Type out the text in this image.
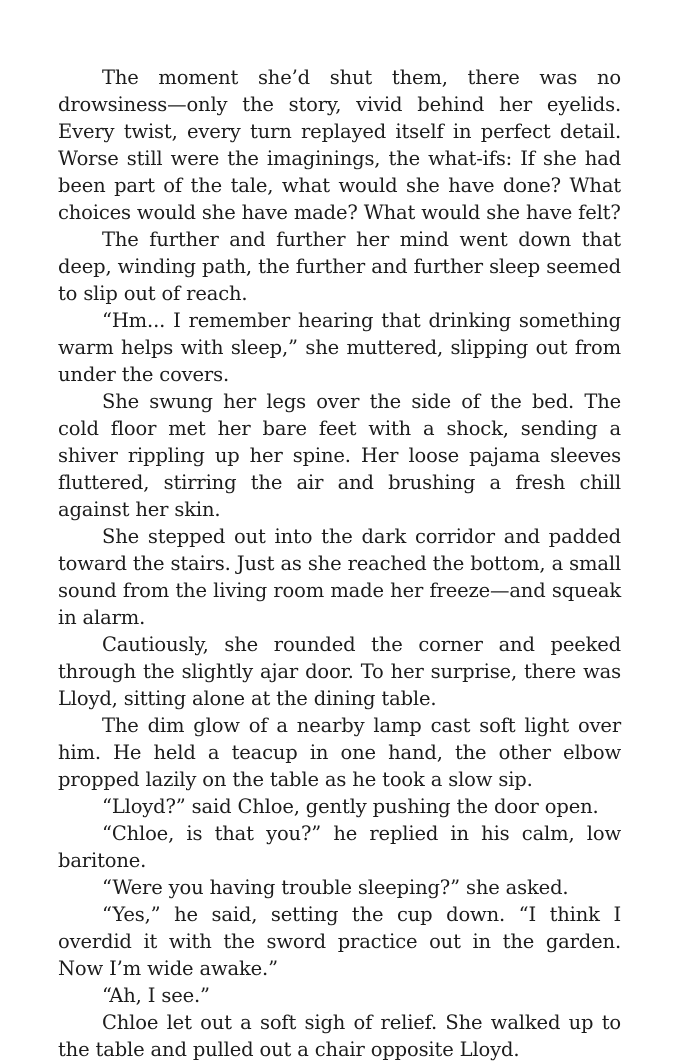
The moment she’d shut them, there was no drowsiness—only the story, vivid behind her eyelids. Every twist, every turn replayed itself in perfect detail. Worse still were the imaginings, the what-ifs: If she had been part of the tale, what would she have done? What choices would she have made? What would she have felt?

The further and further her mind went down that deep, winding path, the further and further sleep seemed to slip out of reach.

“Hm... I remember hearing that drinking something warm helps with sleep,” she muttered, slipping out from under the covers.

She swung her legs over the side of the bed. The cold floor met her bare feet with a shock, sending a shiver rippling up her spine. Her loose pajama sleeves fluttered, stirring the air and brushing a fresh chill against her skin.

She stepped out into the dark corridor and padded toward the stairs. Just as she reached the bottom, a small sound from the living room made her freeze—and squeak in alarm.

Cautiously, she rounded the corner and peeked through the slightly ajar door. To her surprise, there was Lloyd, sitting alone at the dining table.

The dim glow of a nearby lamp cast soft light over him. He held a teacup in one hand, the other elbow propped lazily on the table as he took a slow sip.

“Lloyd?” said Chloe, gently pushing the door open.

“Chloe, is that you?” he replied in his calm, low baritone.

“Were you having trouble sleeping?” she asked.

“Yes,” he said, setting the cup down. “I think I overdid it with the sword practice out in the garden. Now I’m wide awake.”

“Ah, I see.”

Chloe let out a soft sigh of relief. She walked up to the table and pulled out a chair opposite Lloyd.
